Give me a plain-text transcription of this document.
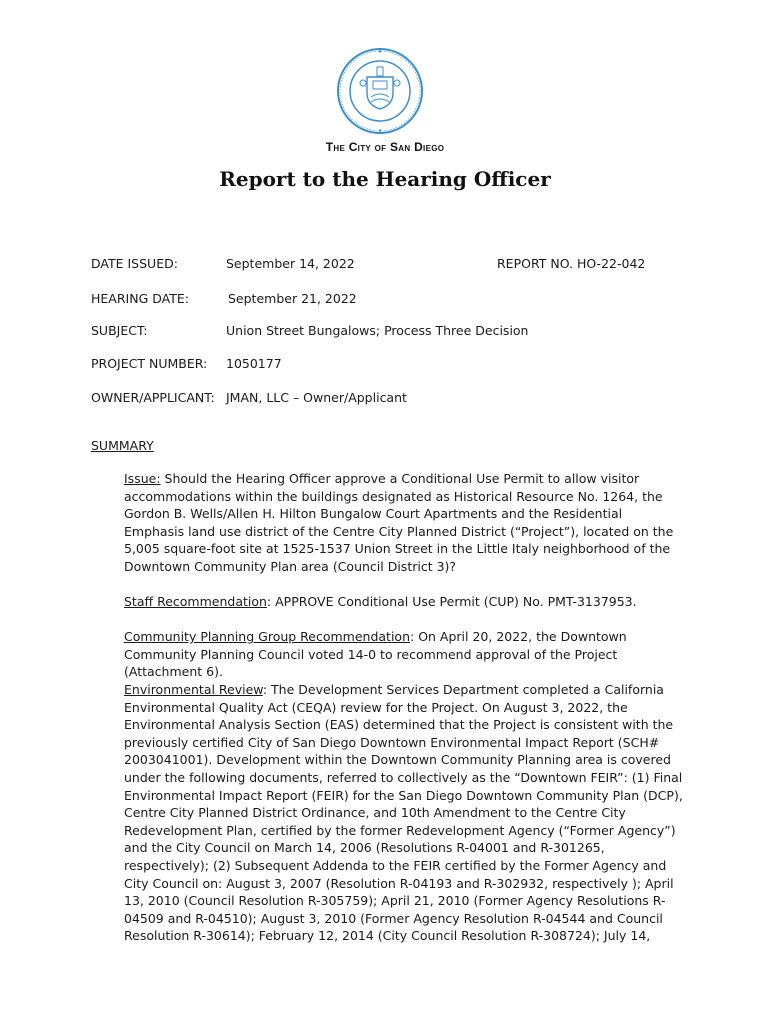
The City of San Diego
Report to the Hearing Officer
DATE ISSUED:	September 14, 2022	REPORT NO. HO-22-042
HEARING DATE:	September 21, 2022
SUBJECT:	Union Street Bungalows; Process Three Decision
PROJECT NUMBER: 1050177
OWNER/APPLICANT: JMAN, LLC – Owner/Applicant
SUMMARY

Issue: Should the Hearing Officer approve a Conditional Use Permit to allow visitor accommodations within the buildings designated as Historical Resource No. 1264, the Gordon B. Wells/Allen H. Hilton Bungalow Court Apartments and the Residential Emphasis land use district of the Centre City Planned District (“Project”), located on the 5,005 square-foot site at 1525-1537 Union Street in the Little Italy neighborhood of the Downtown Community Plan area (Council District 3)?

Staff Recommendation: APPROVE Conditional Use Permit (CUP) No. PMT-3137953.

Community Planning Group Recommendation: On April 20, 2022, the Downtown Community Planning Council voted 14-0 to recommend approval of the Project (Attachment 6).

Environmental Review: The Development Services Department completed a California Environmental Quality Act (CEQA) review for the Project. On August 3, 2022, the Environmental Analysis Section (EAS) determined that the Project is consistent with the previously certified City of San Diego Downtown Environmental Impact Report (SCH# 2003041001). Development within the Downtown Community Planning area is covered under the following documents, referred to collectively as the “Downtown FEIR”: (1) Final Environmental Impact Report (FEIR) for the San Diego Downtown Community Plan (DCP), Centre City Planned District Ordinance, and 10th Amendment to the Centre City Redevelopment Plan, certified by the former Redevelopment Agency (“Former Agency”) and the City Council on March 14, 2006 (Resolutions R-04001 and R-301265, respectively); (2) Subsequent Addenda to the FEIR certified by the Former Agency and City Council on: August 3, 2007 (Resolution R-04193 and R-302932, respectively ); April 13, 2010 (Council Resolution R-305759); April 21, 2010 (Former Agency Resolutions R-04509 and R-04510); August 3, 2010 (Former Agency Resolution R-04544 and Council Resolution R-30614); February 12, 2014 (City Council Resolution R-308724); July 14,
